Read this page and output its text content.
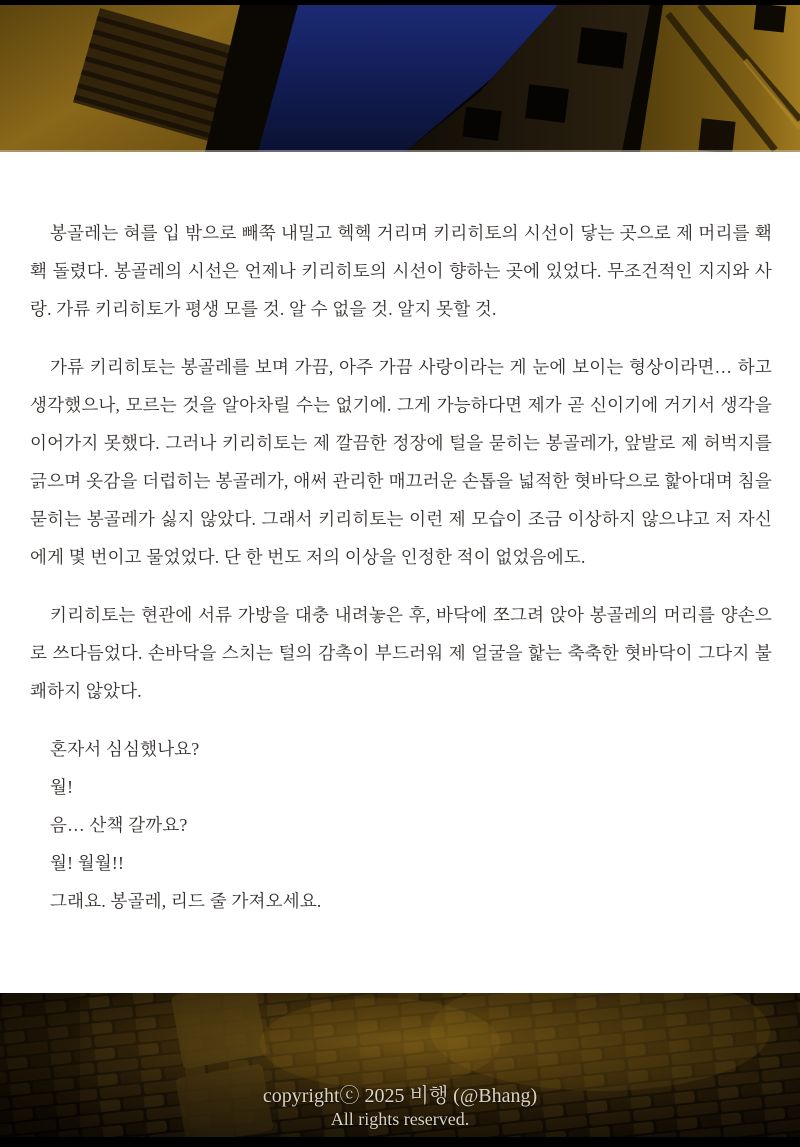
봉골레는 혀를 입 밖으로 빼쭉 내밀고 헥헥 거리며 키리히토의 시선이 닿는 곳으로 제 머리를 홱홱 돌렸다. 봉골레의 시선은 언제나 키리히토의 시선이 향하는 곳에 있었다. 무조건적인 지지와 사랑. 가류 키리히토가 평생 모를 것. 알 수 없을 것. 알지 못할 것.

가류 키리히토는 봉골레를 보며 가끔, 아주 가끔 사랑이라는 게 눈에 보이는 형상이라면… 하고 생각했으나, 모르는 것을 알아차릴 수는 없기에. 그게 가능하다면 제가 곧 신이기에 거기서 생각을 이어가지 못했다. 그러나 키리히토는 제 깔끔한 정장에 털을 묻히는 봉골레가, 앞발로 제 허벅지를 긁으며 옷감을 더럽히는 봉골레가, 애써 관리한 매끄러운 손톱을 넓적한 혓바닥으로 핥아대며 침을 묻히는 봉골레가 싫지 않았다. 그래서 키리히토는 이런 제 모습이 조금 이상하지 않으냐고 저 자신에게 몇 번이고 물었었다. 단 한 번도 저의 이상을 인정한 적이 없었음에도.

키리히토는 현관에 서류 가방을 대충 내려놓은 후, 바닥에 쪼그려 앉아 봉골레의 머리를 양손으로 쓰다듬었다. 손바닥을 스치는 털의 감촉이 부드러워 제 얼굴을 핥는 축축한 혓바닥이 그다지 불쾌하지 않았다.

혼자서 심심했나요?
월!
음… 산책 갈까요?
월! 월월!!
그래요. 봉골레, 리드 줄 가져오세요.
copyrightⓒ 2025 비행 (@Bhang)
All rights reserved.
